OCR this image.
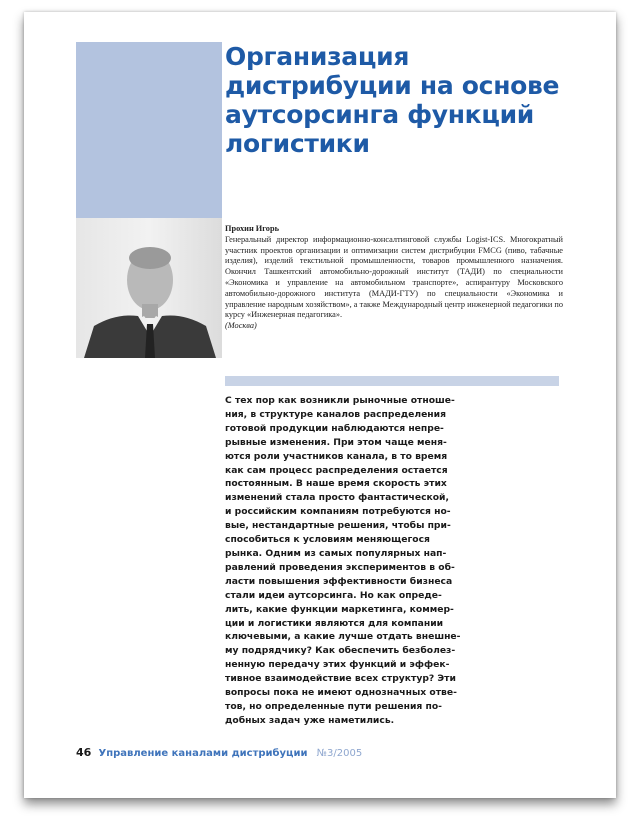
Организация дистрибуции на основе аутсорсинга функций логистики
Прохин Игорь
Генеральный директор информационно-консалтинговой службы Logist-ICS. Многократный участник проектов организации и оптимизации систем дистрибуции FMCG (пиво, табачные изделия), изделий текстильной промышленности, товаров промышленного назначения. Окончил Ташкентский автомобильно-дорожный институт (ТАДИ) по специальности «Экономика и управление на автомобильном транспорте», аспирантуру Московского автомобильно-дорожного института (МАДИ-ГТУ) по специальности «Экономика и управление народным хозяйством», а также Международный центр инженерной педагогики по курсу «Инженерная педагогика».
(Москва)
С тех пор как возникли рыночные отноше-
ния, в структуре каналов распределения
готовой продукции наблюдаются непре-
рывные изменения. При этом чаще меня-
ются роли участников канала, в то время
как сам процесс распределения остается
постоянным. В наше время скорость этих
изменений стала просто фантастической,
и российским компаниям потребуются но-
вые, нестандартные решения, чтобы при-
способиться к условиям меняющегося
рынка. Одним из самых популярных нап-
равлений проведения экспериментов в об-
ласти повышения эффективности бизнеса
стали идеи аутсорсинга. Но как опреде-
лить, какие функции маркетинга, коммер-
ции и логистики являются для компании
ключевыми, а какие лучше отдать внешне-
му подрядчику? Как обеспечить безболез-
ненную передачу этих функций и эффек-
тивное взаимодействие всех структур? Эти
вопросы пока не имеют однозначных отве-
тов, но определенные пути решения по-
добных задач уже наметились.
46 Управление каналами дистрибуции №3/2005
